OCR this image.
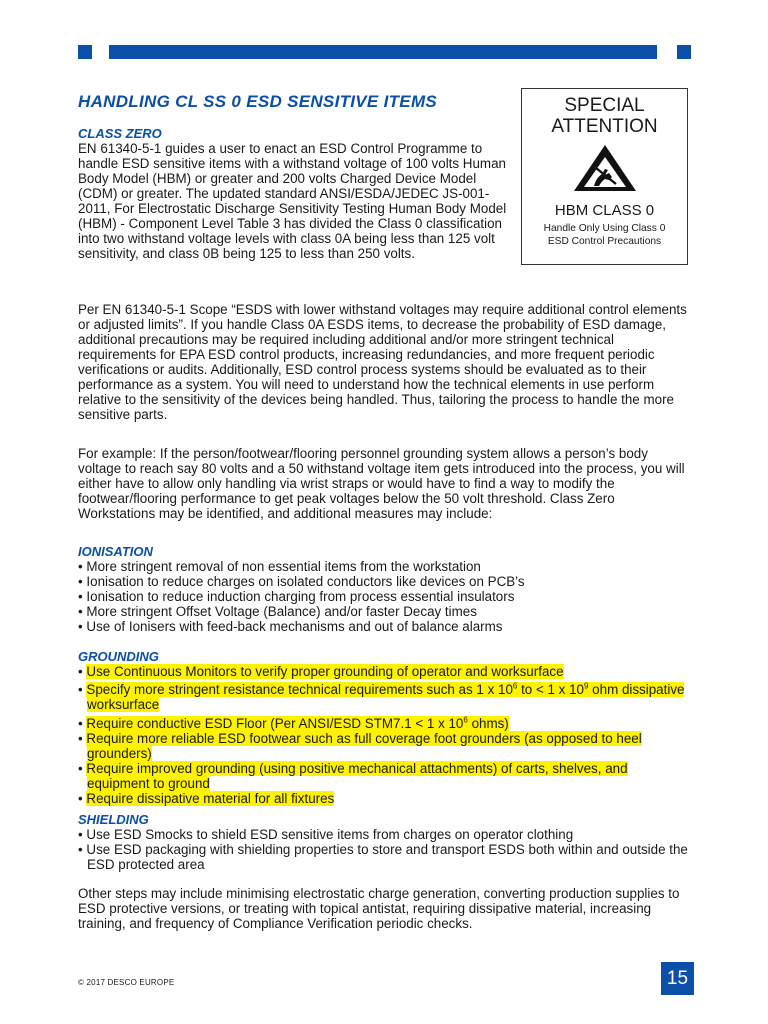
HANDLING CL SS 0 ESD SENSITIVE ITEMS

CLASS ZERO

EN 61340-5-1 guides a user to enact an ESD Control Programme to handle ESD sensitive items with a withstand voltage of 100 volts Human Body Model (HBM) or greater and 200 volts Charged Device Model (CDM) or greater. The updated standard ANSI/ESDA/JEDEC JS-001-2011, For Electrostatic Discharge Sensitivity Testing Human Body Model (HBM) - Component Level Table 3 has divided the Class 0 classification into two withstand voltage levels with class 0A being less than 125 volt sensitivity, and class 0B being 125 to less than 250 volts.

SPECIAL
ATTENTION
HBM CLASS 0
Handle Only Using Class 0
ESD Control Precautions

Per EN 61340-5-1 Scope “ESDS with lower withstand voltages may require additional control elements or adjusted limits”. If you handle Class 0A ESDS items, to decrease the probability of ESD damage, additional precautions may be required including additional and/or more stringent technical requirements for EPA ESD control products, increasing redundancies, and more frequent periodic verifications or audits. Additionally, ESD control process systems should be evaluated as to their performance as a system. You will need to understand how the technical elements in use perform relative to the sensitivity of the devices being handled. Thus, tailoring the process to handle the more sensitive parts.

For example: If the person/footwear/flooring personnel grounding system allows a person’s body voltage to reach say 80 volts and a 50 withstand voltage item gets introduced into the process, you will either have to allow only handling via wrist straps or would have to find a way to modify the footwear/flooring performance to get peak voltages below the 50 volt threshold. Class Zero Workstations may be identified, and additional measures may include:

IONISATION

• More stringent removal of non essential items from the workstation
• Ionisation to reduce charges on isolated conductors like devices on PCB’s
• Ionisation to reduce induction charging from process essential insulators
• More stringent Offset Voltage (Balance) and/or faster Decay times
• Use of Ionisers with feed-back mechanisms and out of balance alarms

GROUNDING

• Use Continuous Monitors to verify proper grounding of operator and worksurface
• Specify more stringent resistance technical requirements such as 1 x $10^6$ to < 1 x $10^9$ ohm dissipative worksurface
• Require conductive ESD Floor (Per ANSI/ESD STM7.1 < 1 x $10^6$ ohms)
• Require more reliable ESD footwear such as full coverage foot grounders (as opposed to heel grounders)
• Require improved grounding (using positive mechanical attachments) of carts, shelves, and equipment to ground
• Require dissipative material for all fixtures

SHIELDING

• Use ESD Smocks to shield ESD sensitive items from charges on operator clothing
• Use ESD packaging with shielding properties to store and transport ESDS both within and outside the ESD protected area

Other steps may include minimising electrostatic charge generation, converting production supplies to ESD protective versions, or treating with topical antistat, requiring dissipative material, increasing training, and frequency of Compliance Verification periodic checks.

© 2017 DESCO EUROPE	15
